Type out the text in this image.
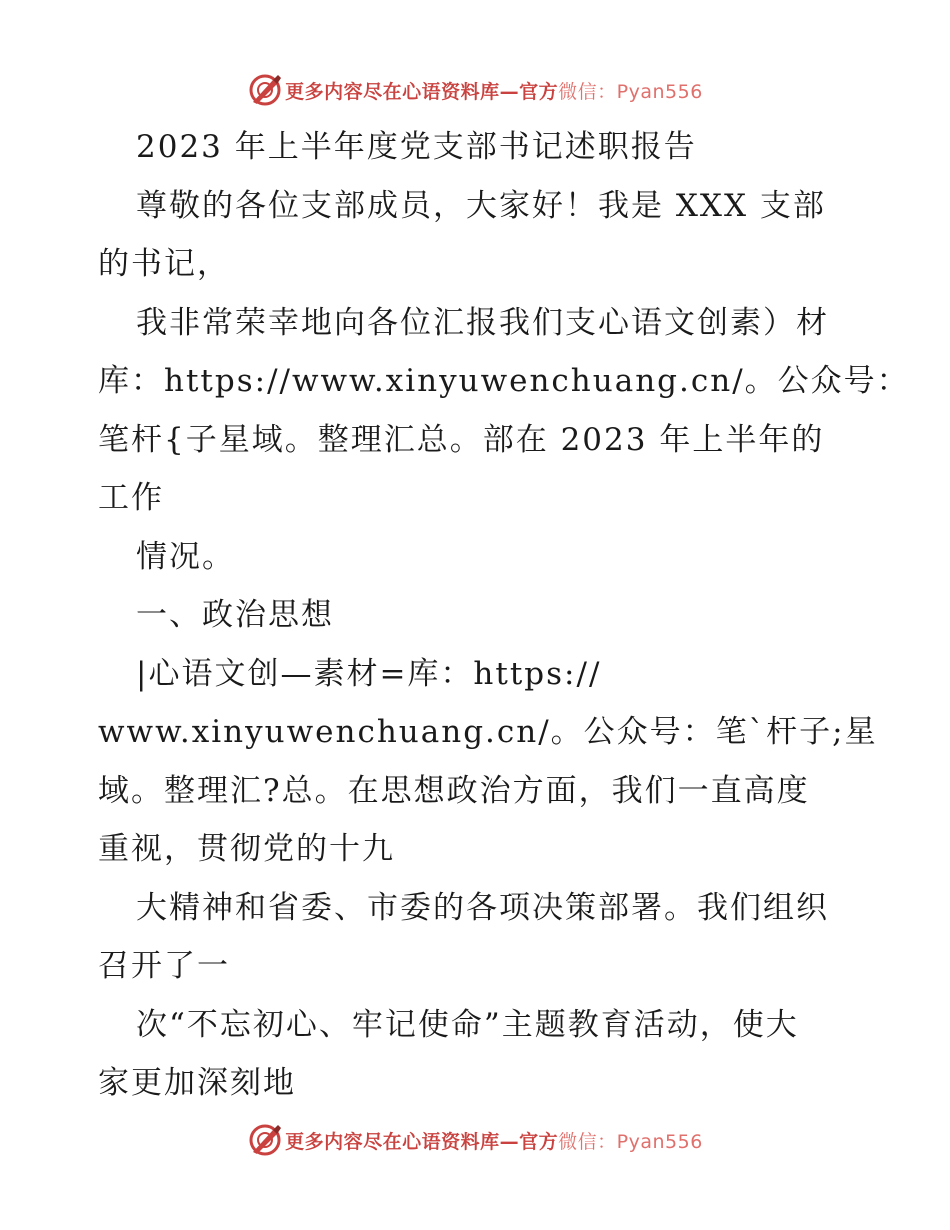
更多内容尽在心语资料库—官方微信：Pyan556
2023 年上半年度党支部书记述职报告
尊敬的各位支部成员，大家好！我是 XXX 支部
的书记，
我非常荣幸地向各位汇报我们支心语文创素）材
库：https://www.xinyuwenchuang.cn/。公众号：
笔杆{子星域。整理汇总。部在 2023 年上半年的
工作
情况。
一、政治思想
|心语文创—素材=库：https://
www.xinyuwenchuang.cn/。公众号：笔`杆子;星
域。整理汇?总。在思想政治方面，我们一直高度
重视，贯彻党的十九
大精神和省委、市委的各项决策部署。我们组织
召开了一
次“不忘初心、牢记使命”主题教育活动，使大
家更加深刻地
更多内容尽在心语资料库—官方微信：Pyan556
